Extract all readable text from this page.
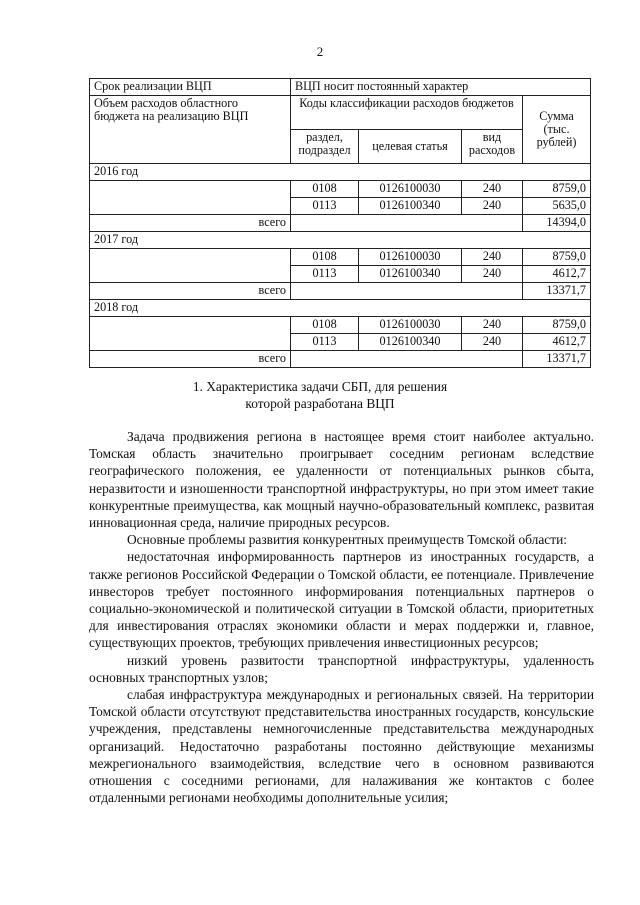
2
Срок реализации ВЦП	ВЦП носит постоянный характер			
Объем расходов областного бюджета на реализацию ВЦП	Коды классификации расходов бюджетов			Сумма (тыс. рублей)
	раздел, подраздел	целевая статья	вид расходов	
2016 год				
	0108	0126100030	240	8759,0
	0113	0126100340	240	5635,0
всего				14394,0
2017 год				
	0108	0126100030	240	8759,0
	0113	0126100340	240	4612,7
всего				13371,7
2018 год				
	0108	0126100030	240	8759,0
	0113	0126100340	240	4612,7
всего				13371,7
1. Характеристика задачи СБП, для решения
которой разработана ВЦП

Задача продвижения региона в настоящее время стоит наиболее актуально. Томская область значительно проигрывает соседним регионам вследствие географического положения, ее удаленности от потенциальных рынков сбыта, неразвитости и изношенности транспортной инфраструктуры, но при этом имеет такие конкурентные преимущества, как мощный научно-образовательный комплекс, развитая инновационная среда, наличие природных ресурсов.

Основные проблемы развития конкурентных преимуществ Томской области:

недостаточная информированность партнеров из иностранных государств, а также регионов Российской Федерации о Томской области, ее потенциале. Привлечение инвесторов требует постоянного информирования потенциальных партнеров о социально-экономической и политической ситуации в Томской области, приоритетных для инвестирования отраслях экономики области и мерах поддержки и, главное, существующих проектов, требующих привлечения инвестиционных ресурсов;

низкий уровень развитости транспортной инфраструктуры, удаленность основных транспортных узлов;

слабая инфраструктура международных и региональных связей. На территории Томской области отсутствуют представительства иностранных государств, консульские учреждения, представлены немногочисленные представительства международных организаций. Недостаточно разработаны постоянно действующие механизмы межрегионального взаимодействия, вследствие чего в основном развиваются отношения с соседними регионами, для налаживания же контактов с более отдаленными регионами необходимы дополнительные усилия;
